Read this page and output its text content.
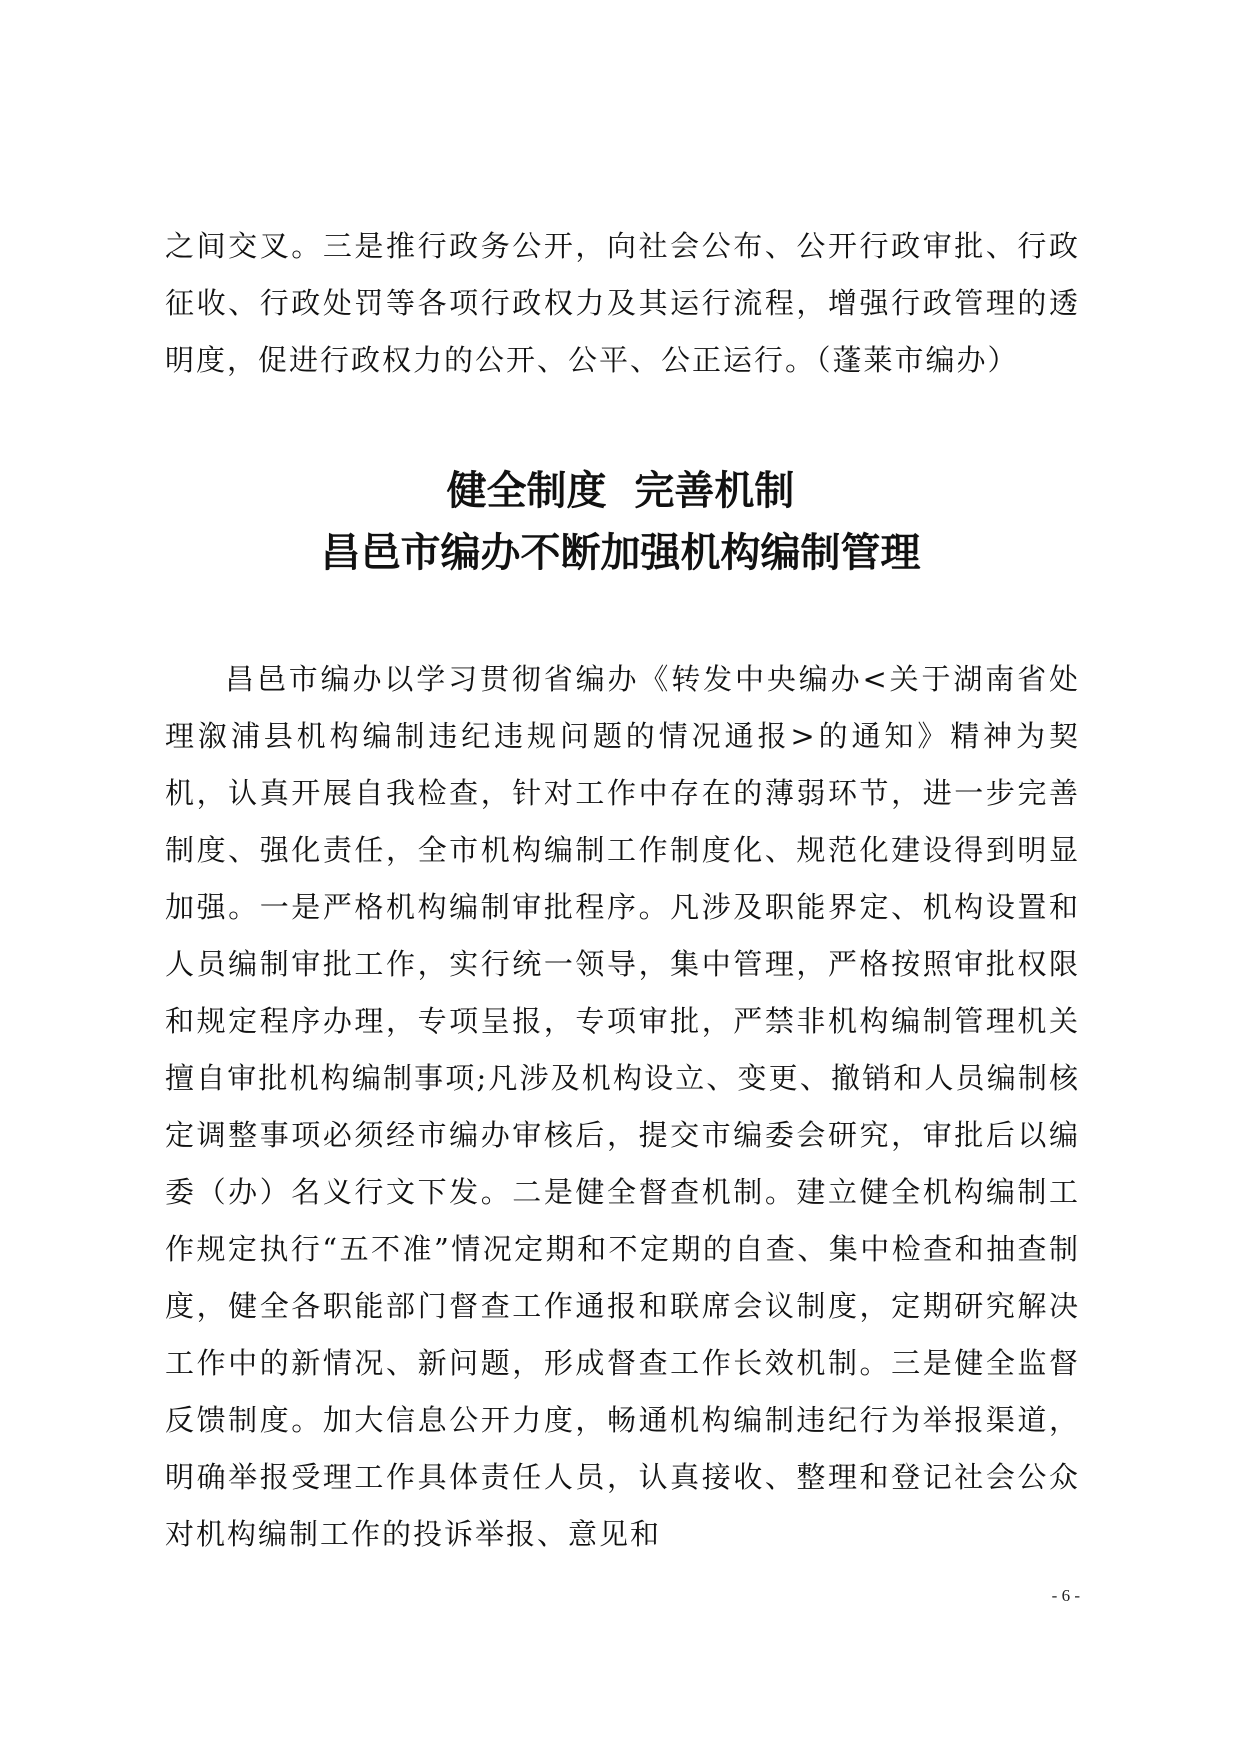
之间交叉。三是推行政务公开，向社会公布、公开行政审批、行政征收、行政处罚等各项行政权力及其运行流程，增强行政管理的透明度，促进行政权力的公开、公平、公正运行。（蓬莱市编办）

健全制度  完善机制
昌邑市编办不断加强机构编制管理

昌邑市编办以学习贯彻省编办《转发中央编办<关于湖南省处理溆浦县机构编制违纪违规问题的情况通报>的通知》精神为契机，认真开展自我检查，针对工作中存在的薄弱环节，进一步完善制度、强化责任，全市机构编制工作制度化、规范化建设得到明显加强。一是严格机构编制审批程序。凡涉及职能界定、机构设置和人员编制审批工作，实行统一领导，集中管理，严格按照审批权限和规定程序办理，专项呈报，专项审批，严禁非机构编制管理机关擅自审批机构编制事项;凡涉及机构设立、变更、撤销和人员编制核定调整事项必须经市编办审核后，提交市编委会研究，审批后以编委（办）名义行文下发。二是健全督查机制。建立健全机构编制工作规定执行“五不准”情况定期和不定期的自查、集中检查和抽查制度，健全各职能部门督查工作通报和联席会议制度，定期研究解决工作中的新情况、新问题，形成督查工作长效机制。三是健全监督反馈制度。加大信息公开力度，畅通机构编制违纪行为举报渠道，明确举报受理工作具体责任人员，认真接收、整理和登记社会公众对机构编制工作的投诉举报、意见和

- 6 -
